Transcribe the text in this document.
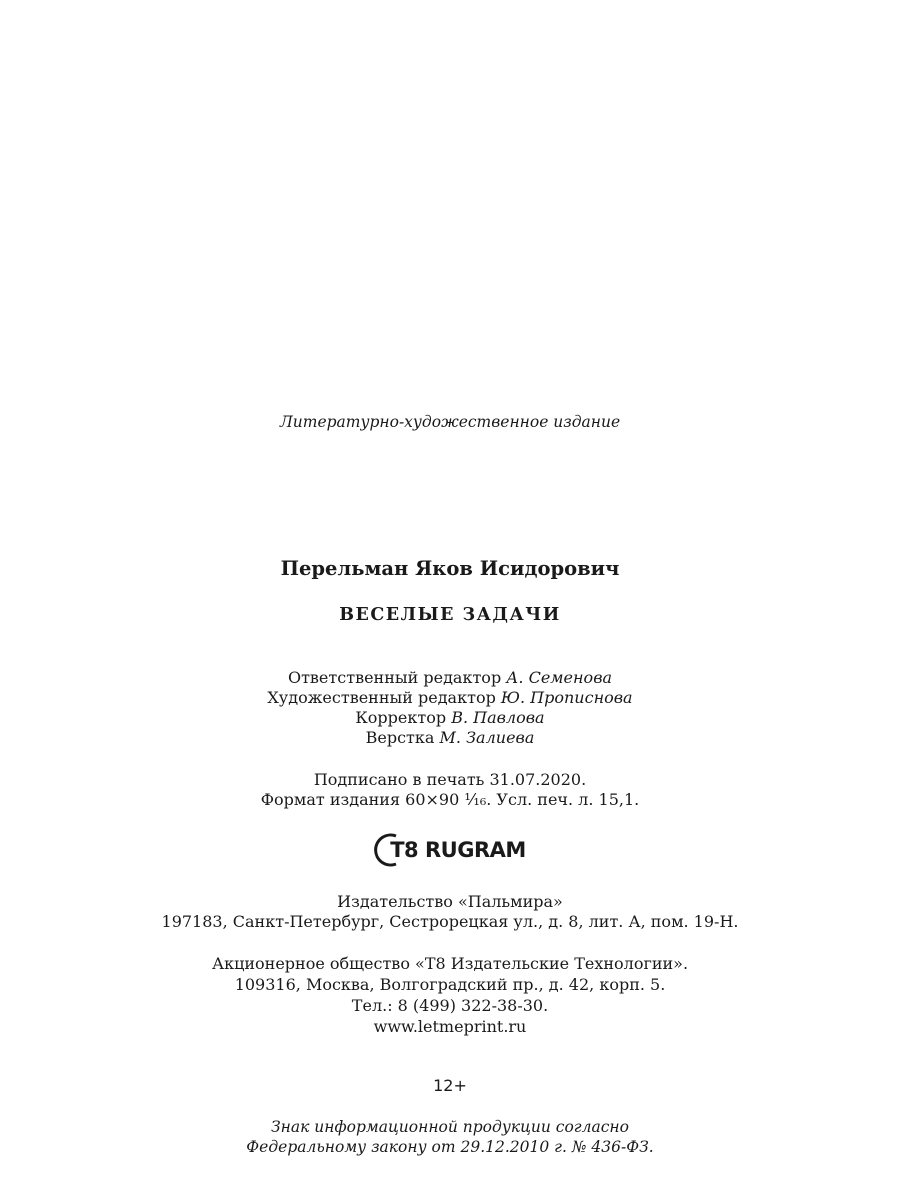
Литературно-художественное издание
Перельман Яков Исидорович
ВЕСЕЛЫЕ ЗАДАЧИ
Ответственный редактор А. Семенова
Художественный редактор Ю. Прописнова
Корректор В. Павлова
Верстка М. Залиева
Подписано в печать 31.07.2020.
Формат издания 60×90 ¹⁄₁₆. Усл. печ. л. 15,1.
Т8 RUGRAM
Издательство «Пальмира»
197183, Санкт-Петербург, Сестрорецкая ул., д. 8, лит. А, пом. 19-Н.
Акционерное общество «Т8 Издательские Технологии».
109316, Москва, Волгоградский пр., д. 42, корп. 5.
Тел.: 8 (499) 322-38-30.
www.letmeprint.ru
12+
Знак информационной продукции согласно
Федеральному закону от 29.12.2010 г. № 436-ФЗ.
